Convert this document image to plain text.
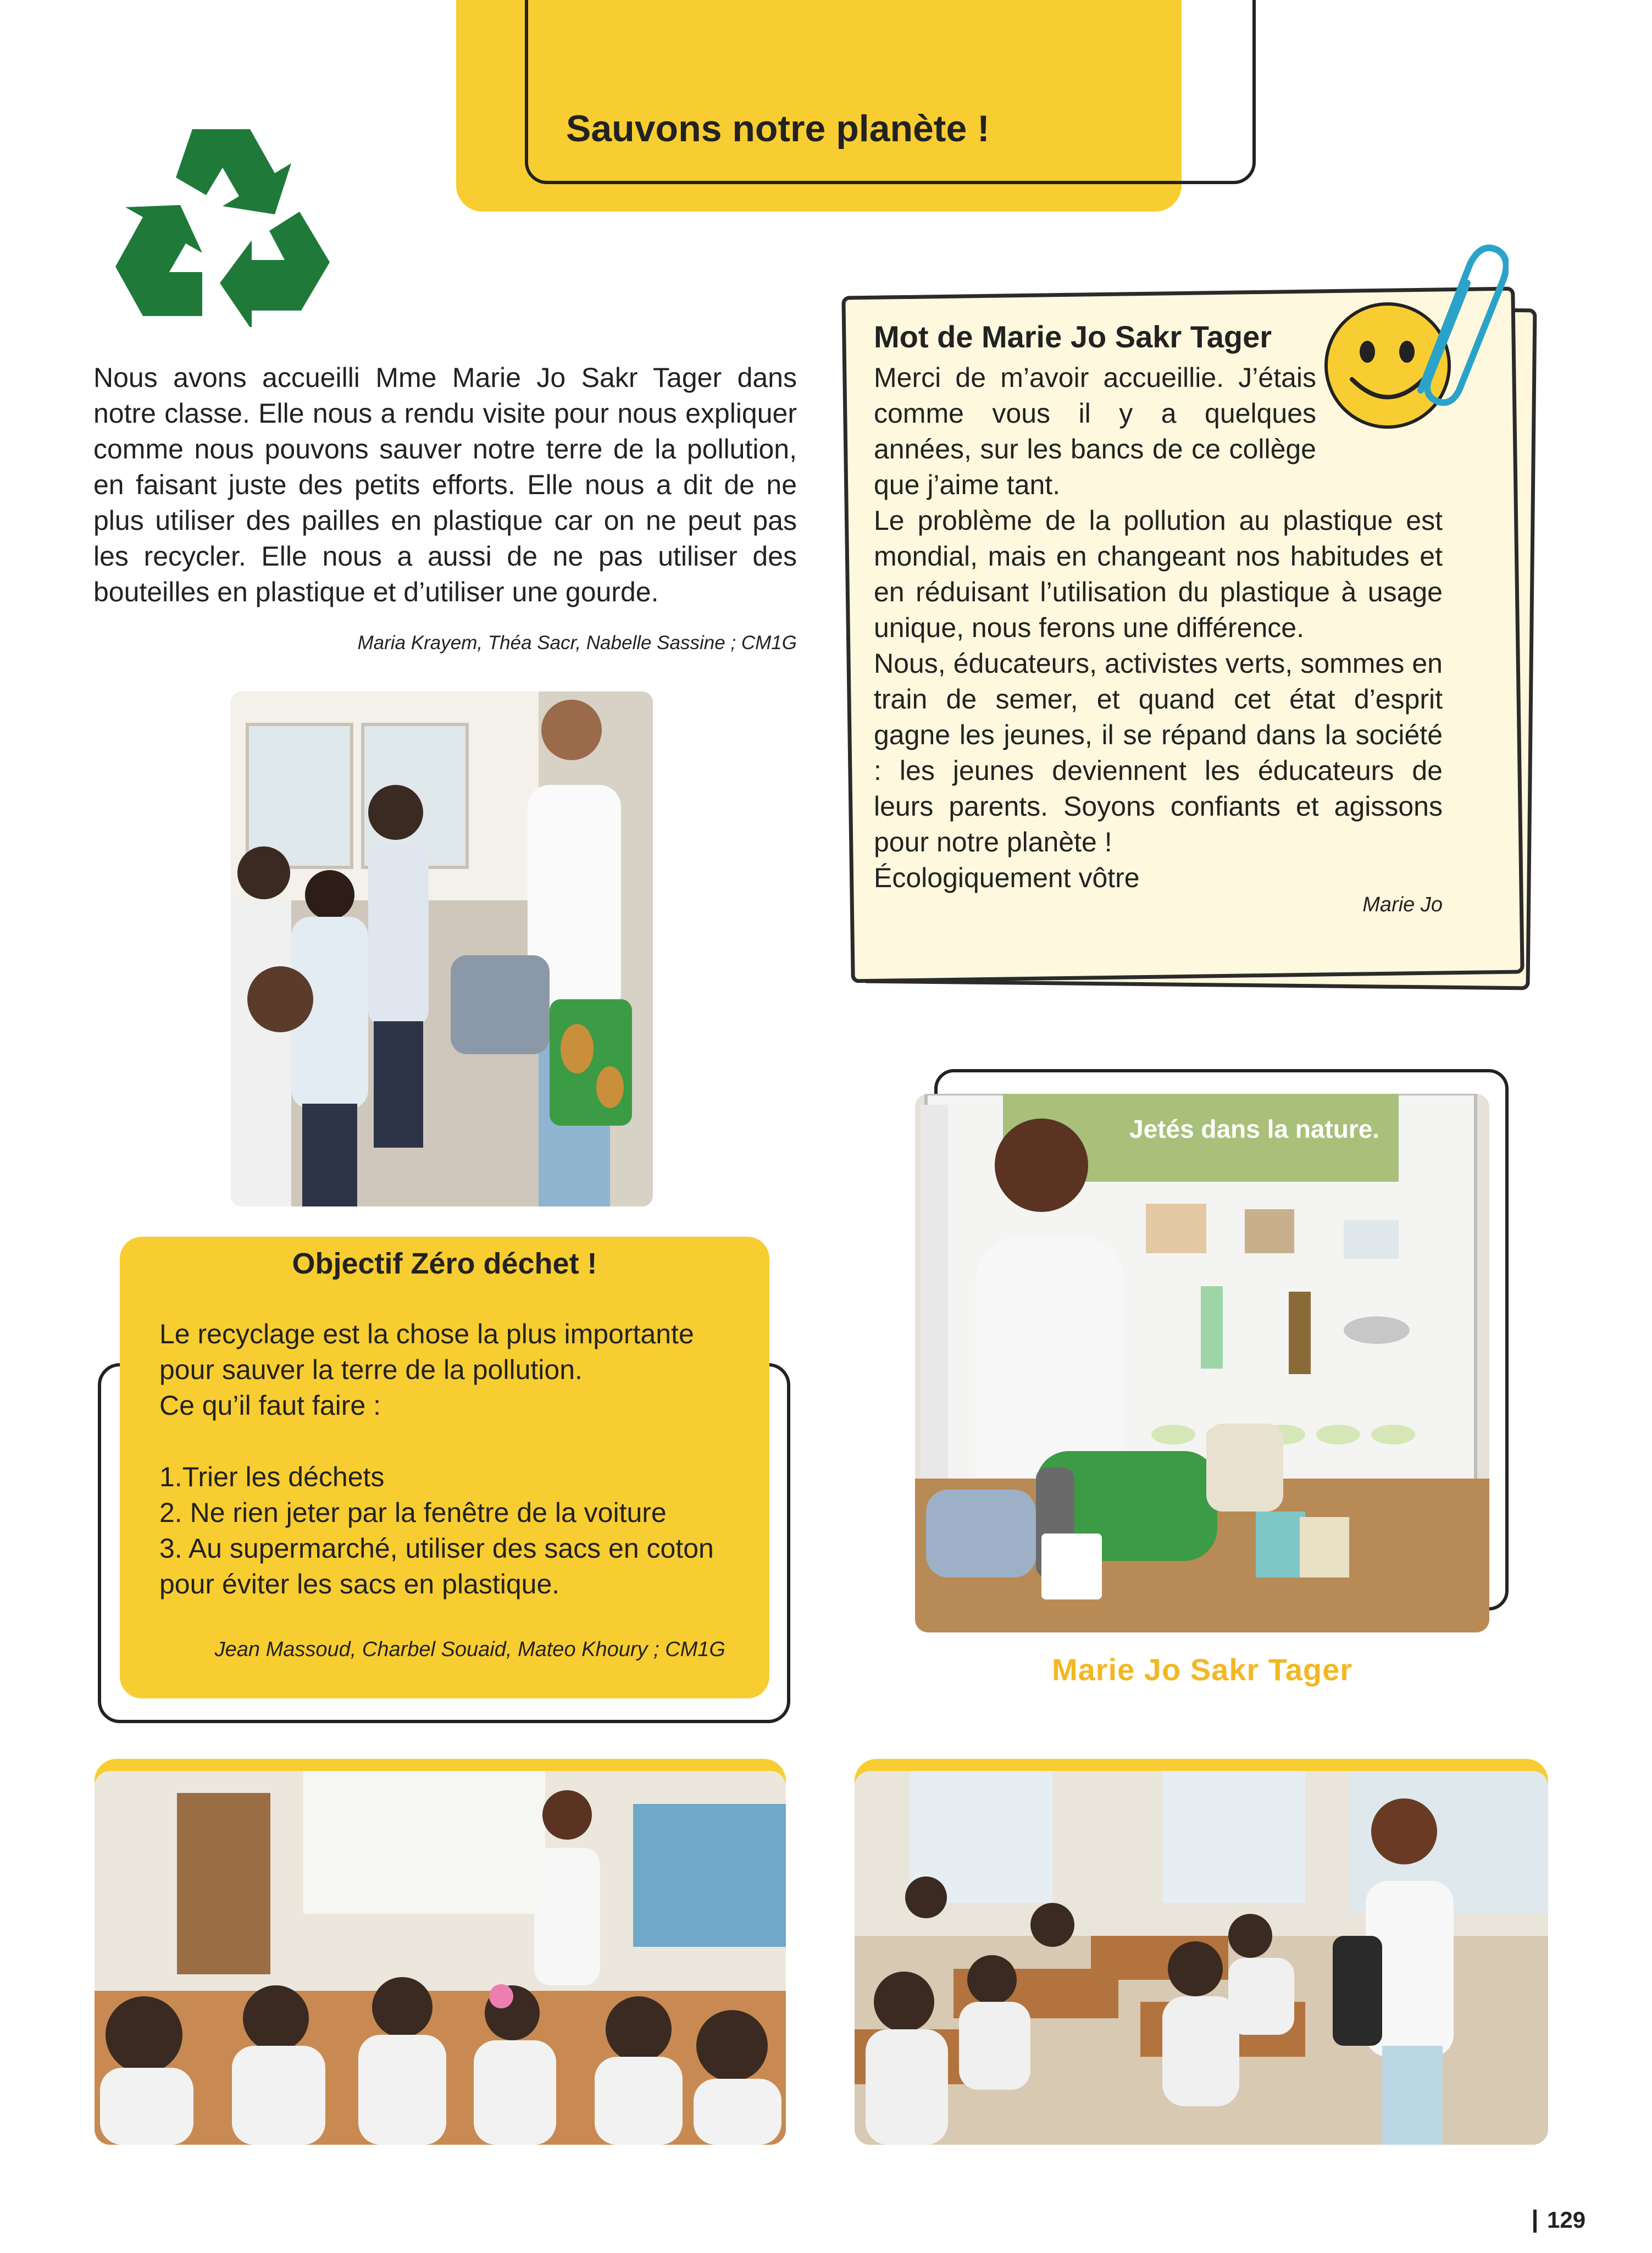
Sauvons notre planète !
Nous avons accueilli Mme Marie Jo Sakr Tager dans notre classe. Elle nous a rendu visite pour nous expliquer comme nous pouvons sauver notre terre de la pollution, en faisant juste des petits efforts. Elle nous a dit de ne plus utiliser des pailles en plastique car on ne peut pas les recycler. Elle nous a aussi de ne pas utiliser des bouteilles en plastique et d’utiliser une gourde.
Maria Krayem, Théa Sacr, Nabelle Sassine ; CM1G
Mot de Marie Jo Sakr Tager

Merci de m’avoir accueillie. J’étais comme vous il y a quelques années, sur les bancs de ce collège que j’aime tant.

Le problème de la pollution au plastique est mondial, mais en changeant nos habitudes et en réduisant l’utilisation du plastique à usage unique, nous ferons une différence.

Nous, éducateurs, activistes verts, sommes en train de semer, et quand cet état d’esprit gagne les jeunes, il se répand dans la société : les jeunes deviennent les éducateurs de leurs parents. Soyons confiants et agissons pour notre planète !

Écologiquement vôtre

Marie Jo
Jetés dans la nature.
Marie Jo Sakr Tager
Objectif Zéro déchet !
Le recyclage est la chose la plus importante
pour sauver la terre de la pollution.
Ce qu’il faut faire :
1.Trier les déchets
2. Ne rien jeter par la fenêtre de la voiture
3. Au supermarché, utiliser des sacs en coton
pour éviter les sacs en plastique.
Jean Massoud, Charbel Souaid, Mateo Khoury ; CM1G
129
